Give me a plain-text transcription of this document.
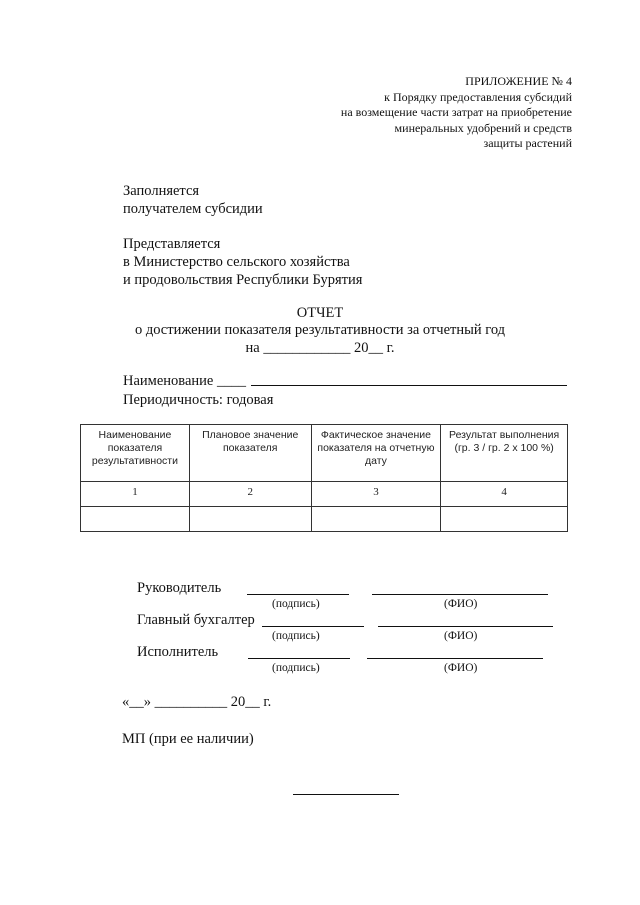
ПРИЛОЖЕНИЕ № 4
к Порядку предоставления субсидий
на возмещение части затрат на приобретение
минеральных удобрений и средств
защиты растений
Заполняется
получателем субсидии
Представляется
в Министерство сельского хозяйства
и продовольствия Республики Бурятия
ОТЧЕТ
о достижении показателя результативности за отчетный год
на ____________ 20__ г.
Наименование ____
Периодичность: годовая
Наименование показателя результативности	Плановое значение показателя	Фактическое значение показателя на отчетную дату	Результат выполнения (гр. 3 / гр. 2 x 100 %)
1	2	3	4

Руководитель
(подпись)	(ФИО)
Главный бухгалтер
(подпись)	(ФИО)
Исполнитель
(подпись)	(ФИО)
«__» __________ 20__ г.
МП (при ее наличии)
